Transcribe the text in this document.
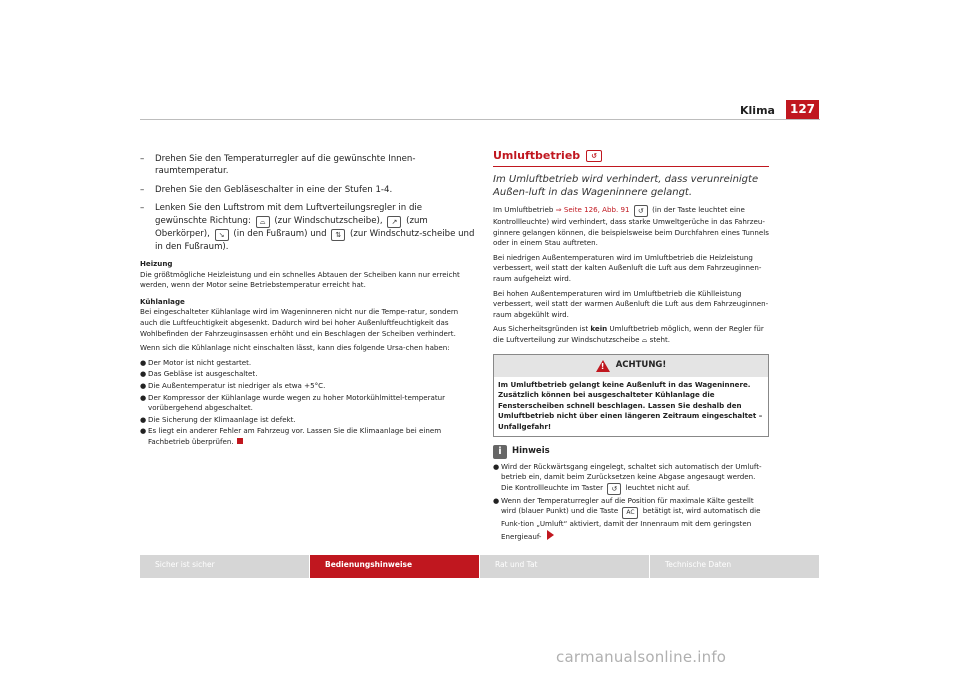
Klima	127
– Drehen Sie den Temperaturregler auf die gewünschte Innen-raumtemperatur.
– Drehen Sie den Gebläseschalter in eine der Stufen 1-4.
– Lenken Sie den Luftstrom mit dem Luftverteilungsregler in die gewünschte Richtung: ⌓ (zur Windschutzscheibe), ↗ (zum Oberkörper), ↘ (in den Fußraum) und ⇅ (zur Windschutz-scheibe und in den Fußraum).
Heizung

Die größtmögliche Heizleistung und ein schnelles Abtauen der Scheiben kann nur erreicht werden, wenn der Motor seine Betriebstemperatur erreicht hat.

Kühlanlage

Bei eingeschalteter Kühlanlage wird im Wageninneren nicht nur die Tempe-ratur, sondern auch die Luftfeuchtigkeit abgesenkt. Dadurch wird bei hoher Außenluftfeuchtigkeit das Wohlbefinden der Fahrzeuginsassen erhöht und ein Beschlagen der Scheiben verhindert.

Wenn sich die Kühlanlage nicht einschalten lässt, kann dies folgende Ursa-chen haben:

● Der Motor ist nicht gestartet.
● Das Gebläse ist ausgeschaltet.
● Die Außentemperatur ist niedriger als etwa +5°C.
● Der Kompressor der Kühlanlage wurde wegen zu hoher Motorkühlmittel-temperatur vorübergehend abgeschaltet.
● Die Sicherung der Klimaanlage ist defekt.
● Es liegt ein anderer Fehler am Fahrzeug vor. Lassen Sie die Klimaanlage bei einem Fachbetrieb überprüfen.
Umluftbetrieb	↺
Im Umluftbetrieb wird verhindert, dass verunreinigte Außen-luft in das Wageninnere gelangt.

Im Umluftbetrieb ⇒ Seite 126, Abb. 91 ↺ (in der Taste leuchtet eine Kontrollleuchte) wird verhindert, dass starke Umweltgerüche in das Fahrzeu-ginnere gelangen können, die beispielsweise beim Durchfahren eines Tunnels oder in einem Stau auftreten.

Bei niedrigen Außentemperaturen wird im Umluftbetrieb die Heizleistung verbessert, weil statt der kalten Außenluft die Luft aus dem Fahrzeuginnen-raum aufgeheizt wird.

Bei hohen Außentemperaturen wird im Umluftbetrieb die Kühlleistung verbessert, weil statt der warmen Außenluft die Luft aus dem Fahrzeuginnen-raum abgekühlt wird.

Aus Sicherheitsgründen ist kein Umluftbetrieb möglich, wenn der Regler für die Luftverteilung zur Windschutzscheibe ⌓ steht.

! ACHTUNG!
Im Umluftbetrieb gelangt keine Außenluft in das Wageninnere. Zusätzlich können bei ausgeschalteter Kühlanlage die Fensterscheiben schnell beschlagen. Lassen Sie deshalb den Umluftbetrieb nicht über einen längeren Zeitraum eingeschaltet – Unfallgefahr!
i	Hinweis
● Wird der Rückwärtsgang eingelegt, schaltet sich automatisch der Umluft-betrieb ein, damit beim Zurücksetzen keine Abgase angesaugt werden. Die Kontrollleuchte im Taster ↺ leuchtet nicht auf.
● Wenn der Temperaturregler auf die Position für maximale Kälte gestellt wird (blauer Punkt) und die Taste AC betätigt ist, wird automatisch die Funk-tion „Umluft“ aktiviert, damit der Innenraum mit dem geringsten Energieauf-
Sicher ist sicher	Bedienungshinweise	Rat und Tat	Technische Daten
carmanualsonline.info
